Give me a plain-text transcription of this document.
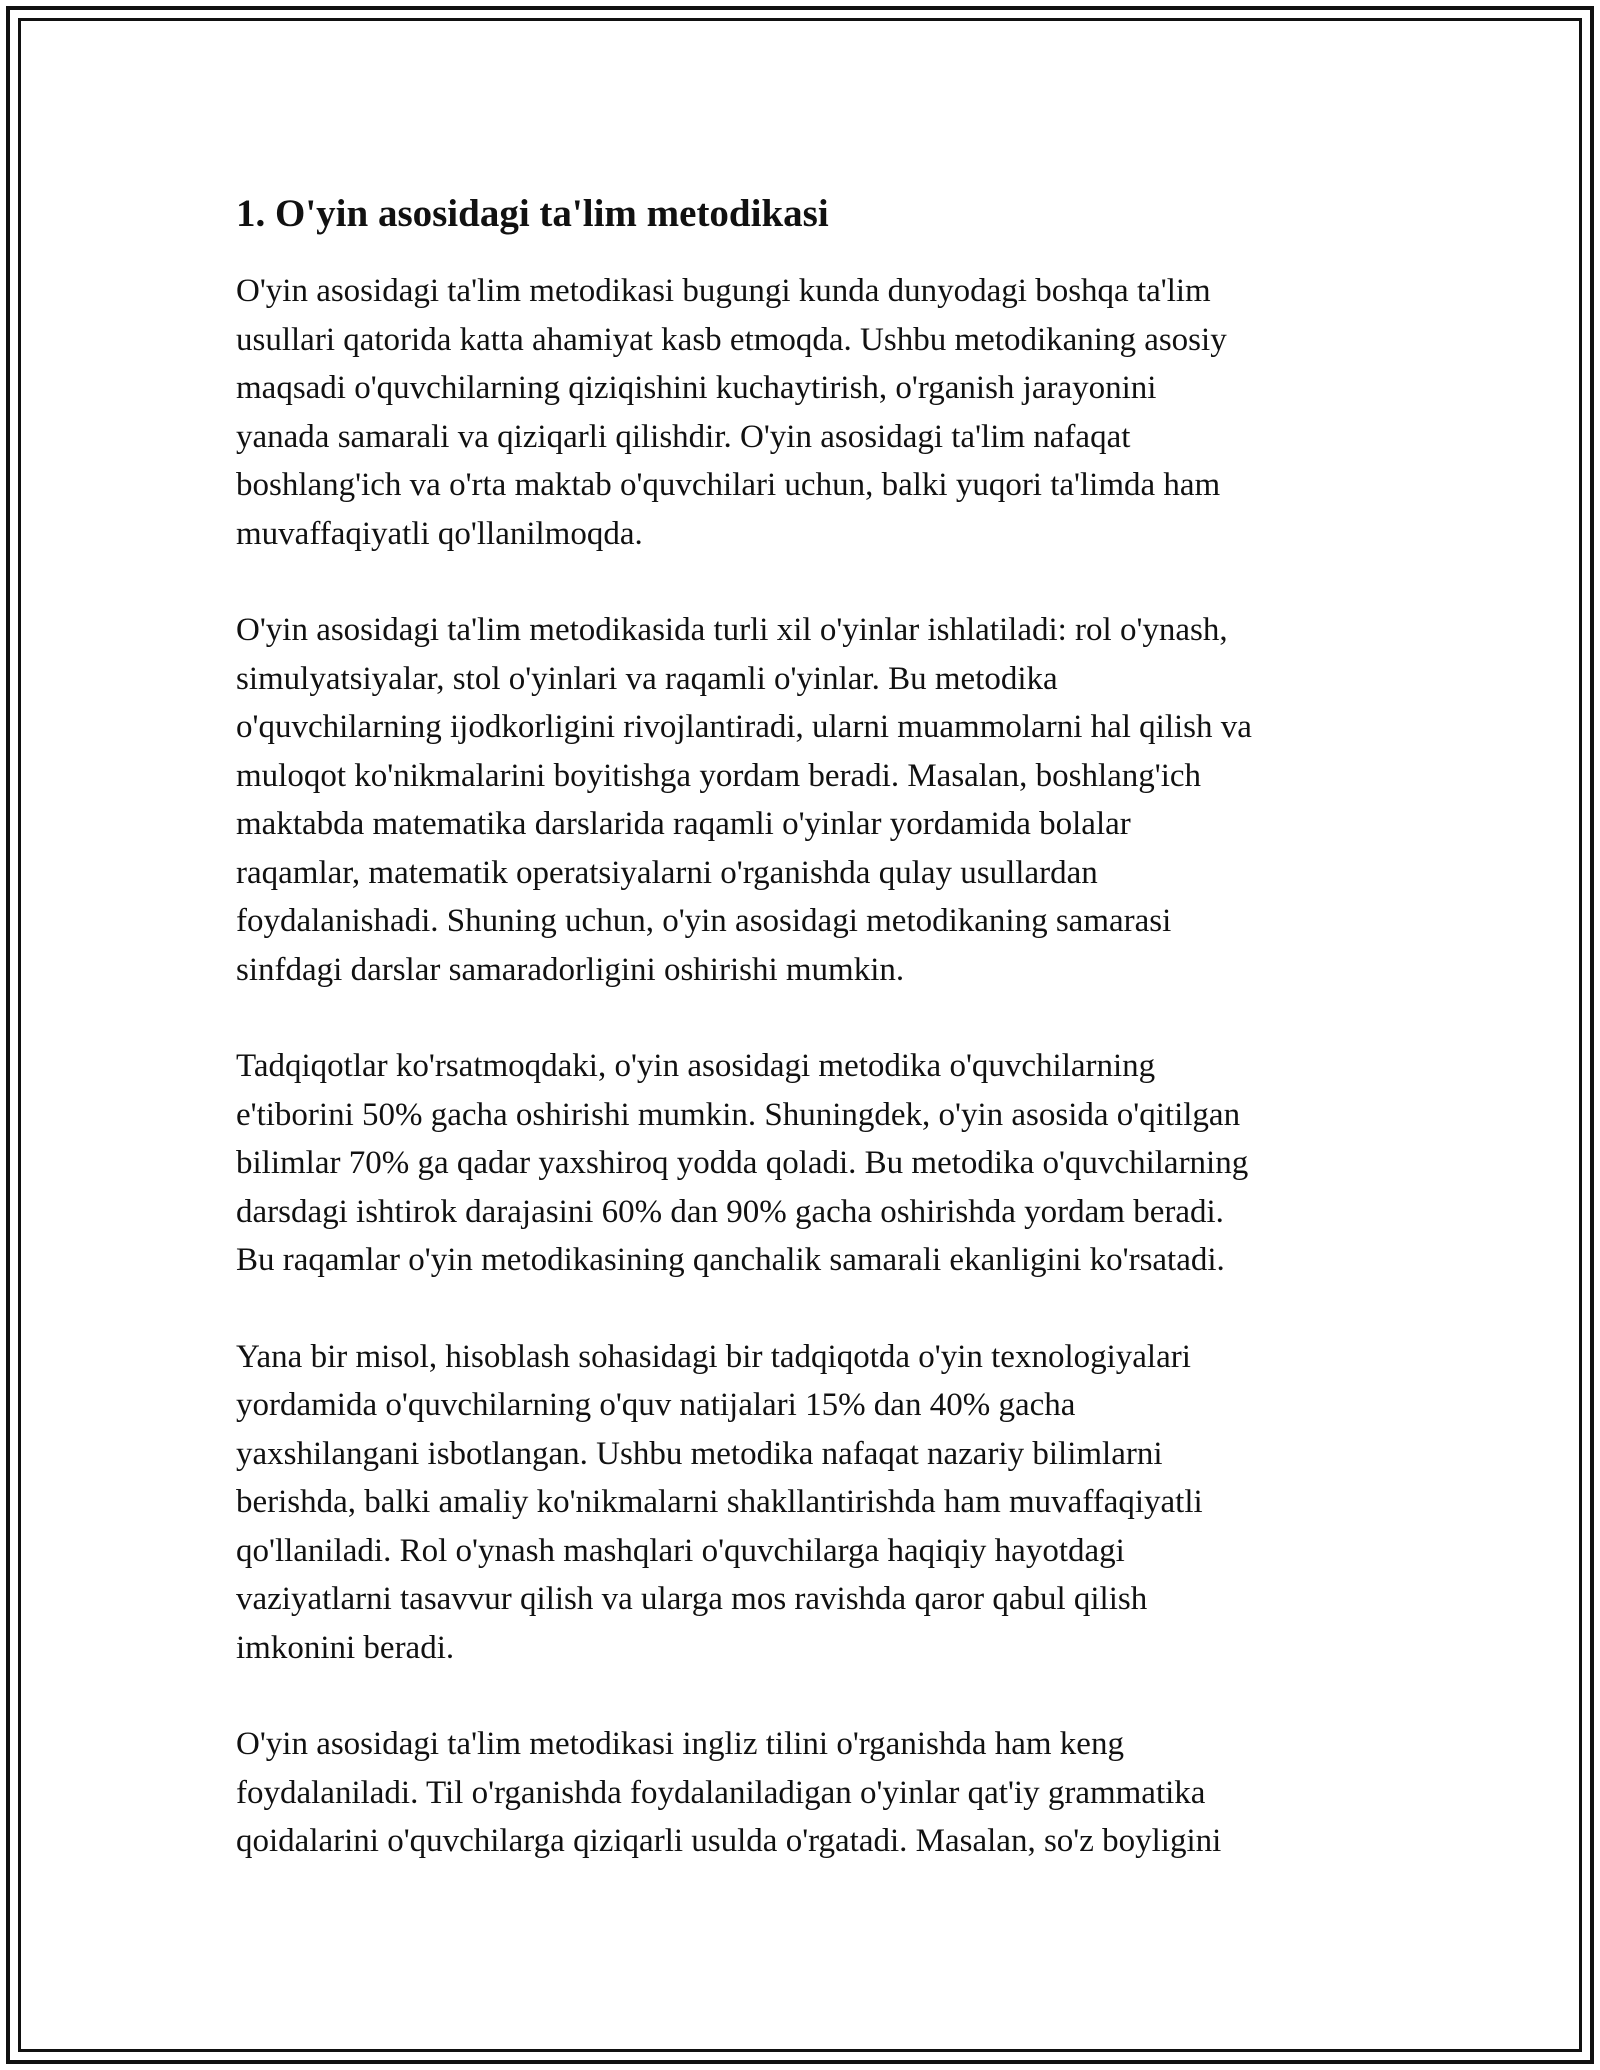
1. O'yin asosidagi ta'lim metodikasi

O'yin asosidagi ta'lim metodikasi bugungi kunda dunyodagi boshqa ta'lim
usullari qatorida katta ahamiyat kasb etmoqda. Ushbu metodikaning asosiy
maqsadi o'quvchilarning qiziqishini kuchaytirish, o'rganish jarayonini
yanada samarali va qiziqarli qilishdir. O'yin asosidagi ta'lim nafaqat
boshlang'ich va o'rta maktab o'quvchilari uchun, balki yuqori ta'limda ham
muvaffaqiyatli qo'llanilmoqda.

O'yin asosidagi ta'lim metodikasida turli xil o'yinlar ishlatiladi: rol o'ynash,
simulyatsiyalar, stol o'yinlari va raqamli o'yinlar. Bu metodika
o'quvchilarning ijodkorligini rivojlantiradi, ularni muammolarni hal qilish va
muloqot ko'nikmalarini boyitishga yordam beradi. Masalan, boshlang'ich
maktabda matematika darslarida raqamli o'yinlar yordamida bolalar
raqamlar, matematik operatsiyalarni o'rganishda qulay usullardan
foydalanishadi. Shuning uchun, o'yin asosidagi metodikaning samarasi
sinfdagi darslar samaradorligini oshirishi mumkin.

Tadqiqotlar ko'rsatmoqdaki, o'yin asosidagi metodika o'quvchilarning
e'tiborini 50% gacha oshirishi mumkin. Shuningdek, o'yin asosida o'qitilgan
bilimlar 70% ga qadar yaxshiroq yodda qoladi. Bu metodika o'quvchilarning
darsdagi ishtirok darajasini 60% dan 90% gacha oshirishda yordam beradi.
Bu raqamlar o'yin metodikasining qanchalik samarali ekanligini ko'rsatadi.

Yana bir misol, hisoblash sohasidagi bir tadqiqotda o'yin texnologiyalari
yordamida o'quvchilarning o'quv natijalari 15% dan 40% gacha
yaxshilangani isbotlangan. Ushbu metodika nafaqat nazariy bilimlarni
berishda, balki amaliy ko'nikmalarni shakllantirishda ham muvaffaqiyatli
qo'llaniladi. Rol o'ynash mashqlari o'quvchilarga haqiqiy hayotdagi
vaziyatlarni tasavvur qilish va ularga mos ravishda qaror qabul qilish
imkonini beradi.

O'yin asosidagi ta'lim metodikasi ingliz tilini o'rganishda ham keng
foydalaniladi. Til o'rganishda foydalaniladigan o'yinlar qat'iy grammatika
qoidalarini o'quvchilarga qiziqarli usulda o'rgatadi. Masalan, so'z boyligini
